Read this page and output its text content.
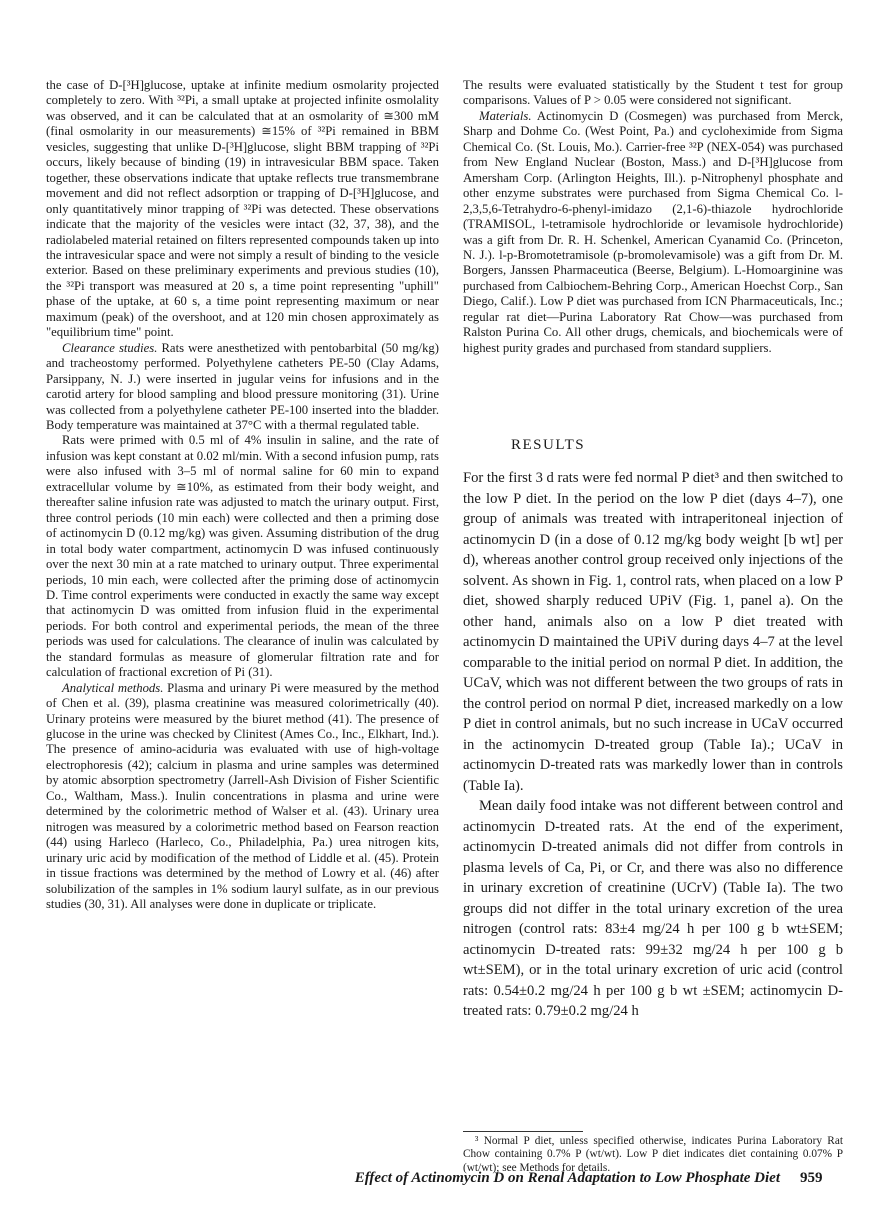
the case of D-[³H]glucose, uptake at infinite medium osmolarity projected completely to zero. With ³²Pi, a small uptake at projected infinite osmolality was observed, and it can be calculated that at an osmolarity of ≅300 mM (final osmolarity in our measurements) ≅15% of ³²Pi remained in BBM vesicles, suggesting that unlike D-[³H]glucose, slight BBM trapping of ³²Pi occurs, likely because of binding (19) in intravesicular BBM space. Taken together, these observations indicate that uptake reflects true transmembrane movement and did not reflect adsorption or trapping of D-[³H]glucose, and only quantitatively minor trapping of ³²Pi was detected. These observations indicate that the majority of the vesicles were intact (32, 37, 38), and the radiolabeled material retained on filters represented compounds taken up into the intravesicular space and were not simply a result of binding to the vesicle exterior. Based on these preliminary experiments and previous studies (10), the ³²Pi transport was measured at 20 s, a time point representing "uphill" phase of the uptake, at 60 s, a time point representing maximum or near maximum (peak) of the overshoot, and at 120 min chosen approximately as "equilibrium time" point.

Clearance studies. Rats were anesthetized with pentobarbital (50 mg/kg) and tracheostomy performed. Polyethylene catheters PE-50 (Clay Adams, Parsippany, N. J.) were inserted in jugular veins for infusions and in the carotid artery for blood sampling and blood pressure monitoring (31). Urine was collected from a polyethylene catheter PE-100 inserted into the bladder. Body temperature was maintained at 37°C with a thermal regulated table.

Rats were primed with 0.5 ml of 4% insulin in saline, and the rate of infusion was kept constant at 0.02 ml/min. With a second infusion pump, rats were also infused with 3–5 ml of normal saline for 60 min to expand extracellular volume by ≅10%, as estimated from their body weight, and thereafter saline infusion rate was adjusted to match the urinary output. First, three control periods (10 min each) were collected and then a priming dose of actinomycin D (0.12 mg/kg) was given. Assuming distribution of the drug in total body water compartment, actinomycin D was infused continuously over the next 30 min at a rate matched to urinary output. Three experimental periods, 10 min each, were collected after the priming dose of actinomycin D. Time control experiments were conducted in exactly the same way except that actinomycin D was omitted from infusion fluid in the experimental periods. For both control and experimental periods, the mean of the three periods was used for calculations. The clearance of inulin was calculated by the standard formulas as measure of glomerular filtration rate and for calculation of fractional excretion of Pi (31).

Analytical methods. Plasma and urinary Pi were measured by the method of Chen et al. (39), plasma creatinine was measured colorimetrically (40). Urinary proteins were measured by the biuret method (41). The presence of glucose in the urine was checked by Clinitest (Ames Co., Inc., Elkhart, Ind.). The presence of amino-aciduria was evaluated with use of high-voltage electrophoresis (42); calcium in plasma and urine samples was determined by atomic absorption spectrometry (Jarrell-Ash Division of Fisher Scientific Co., Waltham, Mass.). Inulin concentrations in plasma and urine were determined by the colorimetric method of Walser et al. (43). Urinary urea nitrogen was measured by a colorimetric method based on Fearson reaction (44) using Harleco (Harleco, Co., Philadelphia, Pa.) urea nitrogen kits, urinary uric acid by modification of the method of Liddle et al. (45). Protein in tissue fractions was determined by the method of Lowry et al. (46) after solubilization of the samples in 1% sodium lauryl sulfate, as in our previous studies (30, 31). All analyses were done in duplicate or triplicate.

The results were evaluated statistically by the Student t test for group comparisons. Values of P > 0.05 were considered not significant.

Materials. Actinomycin D (Cosmegen) was purchased from Merck, Sharp and Dohme Co. (West Point, Pa.) and cycloheximide from Sigma Chemical Co. (St. Louis, Mo.). Carrier-free ³²P (NEX-054) was purchased from New England Nuclear (Boston, Mass.) and D-[³H]glucose from Amersham Corp. (Arlington Heights, Ill.). p-Nitrophenyl phosphate and other enzyme substrates were purchased from Sigma Chemical Co. l-2,3,5,6-Tetrahydro-6-phenyl-imidazo (2,1-6)-thiazole hydrochloride (TRAMISOL, l-tetramisole hydrochloride or levamisole hydrochloride) was a gift from Dr. R. H. Schenkel, American Cyanamid Co. (Princeton, N. J.). l-p-Bromotetramisole (p-bromolevamisole) was a gift from Dr. M. Borgers, Janssen Pharmaceutica (Beerse, Belgium). L-Homoarginine was purchased from Calbiochem-Behring Corp., American Hoechst Corp., San Diego, Calif.). Low P diet was purchased from ICN Pharmaceuticals, Inc.; regular rat diet—Purina Laboratory Rat Chow—was purchased from Ralston Purina Co. All other drugs, chemicals, and biochemicals were of highest purity grades and purchased from standard suppliers.

RESULTS

For the first 3 d rats were fed normal P diet³ and then switched to the low P diet. In the period on the low P diet (days 4–7), one group of animals was treated with intraperitoneal injection of actinomycin D (in a dose of 0.12 mg/kg body weight [b wt] per d), whereas another control group received only injections of the solvent. As shown in Fig. 1, control rats, when placed on a low P diet, showed sharply reduced UPiV (Fig. 1, panel a). On the other hand, animals also on a low P diet treated with actinomycin D maintained the UPiV during days 4–7 at the level comparable to the initial period on normal P diet. In addition, the UCaV, which was not different between the two groups of rats in the control period on normal P diet, increased markedly on a low P diet in control animals, but no such increase in UCaV occurred in the actinomycin D-treated group (Table Ia).; UCaV in actinomycin D-treated rats was markedly lower than in controls (Table Ia).

Mean daily food intake was not different between control and actinomycin D-treated rats. At the end of the experiment, actinomycin D-treated animals did not differ from controls in plasma levels of Ca, Pi, or Cr, and there was also no difference in urinary excretion of creatinine (UCrV) (Table Ia). The two groups did not differ in the total urinary excretion of the urea nitrogen (control rats: 83±4 mg/24 h per 100 g b wt±SEM; actinomycin D-treated rats: 99±32 mg/24 h per 100 g b wt±SEM), or in the total urinary excretion of uric acid (control rats: 0.54±0.2 mg/24 h per 100 g b wt ±SEM; actinomycin D-treated rats: 0.79±0.2 mg/24 h

³ Normal P diet, unless specified otherwise, indicates Purina Laboratory Rat Chow containing 0.7% P (wt/wt). Low P diet indicates diet containing 0.07% P (wt/wt); see Methods for details.

Effect of Actinomycin D on Renal Adaptation to Low Phosphate Diet 959
